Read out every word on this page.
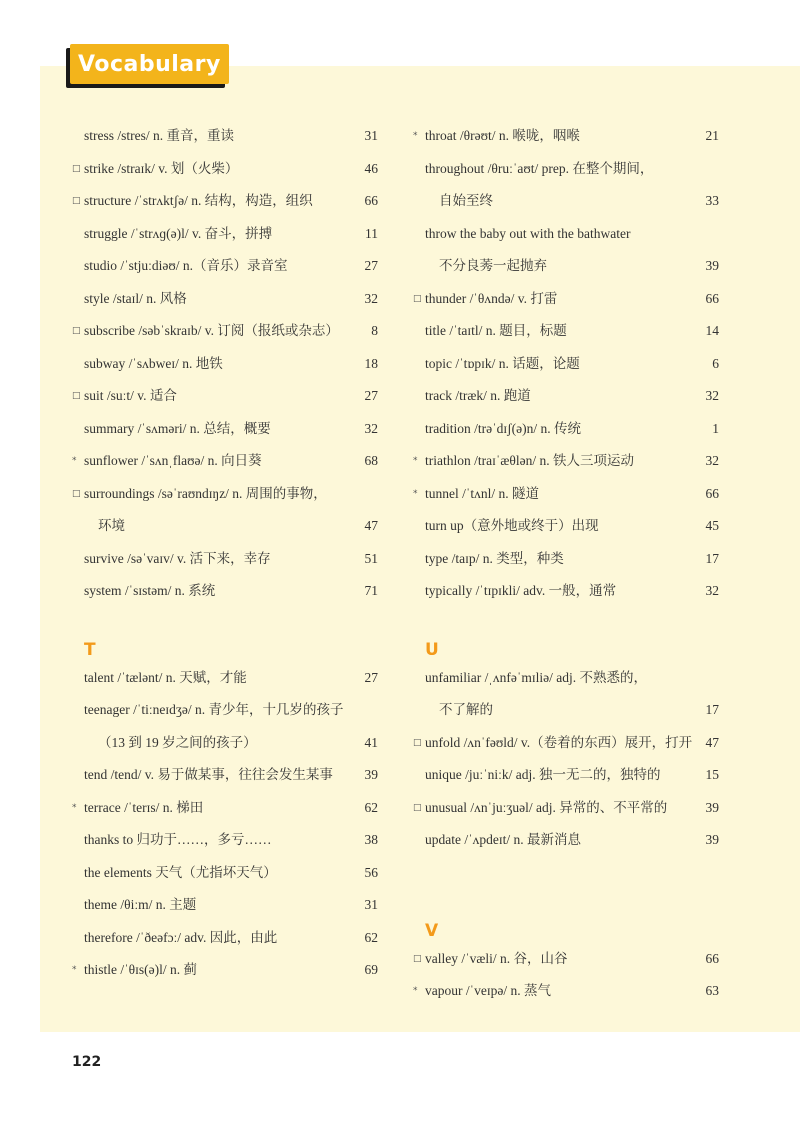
Vocabulary
stress /stres/ n. 重音，重读	31
□ strike /straɪk/ v. 划（火柴）	46
□ structure /ˈstrʌktʃə/ n. 结构，构造，组织	66
struggle /ˈstrʌɡ(ə)l/ v. 奋斗，拼搏	11
studio /ˈstjuːdiəʊ/ n.（音乐）录音室	27
style /staɪl/ n. 风格	32
□ subscribe /səbˈskraɪb/ v. 订阅（报纸或杂志） 8
subway /ˈsʌbweɪ/ n. 地铁	18
□ suit /suːt/ v. 适合	27
summary /ˈsʌməri/ n. 总结，概要	32
* sunflower /ˈsʌnˌflaʊə/ n. 向日葵	68
□ surroundings /səˈraʊndɪŋz/ n. 周围的事物，
环境	47
survive /səˈvaɪv/ v. 活下来，幸存	51
system /ˈsɪstəm/ n. 系统	71
T
talent /ˈtælənt/ n. 天赋，才能	27
teenager /ˈtiːneɪdʒə/ n. 青少年，十几岁的孩子
（13 到 19 岁之间的孩子）	41
tend /tend/ v. 易于做某事，往往会发生某事 39
* terrace /ˈterɪs/ n. 梯田	62
thanks to 归功于……，多亏……	38
the elements 天气（尤指坏天气）	56
theme /θiːm/ n. 主题	31
therefore /ˈðeəfɔː/ adv. 因此，由此	62
* thistle /ˈθɪs(ə)l/ n. 蓟	69
* throat /θrəʊt/ n. 喉咙，咽喉	21
throughout /θruːˈaʊt/ prep. 在整个期间，
自始至终	33
throw the baby out with the bathwater
不分良莠一起抛弃	39
□ thunder /ˈθʌndə/ v. 打雷	66
title /ˈtaɪtl/ n. 题目，标题	14
topic /ˈtɒpɪk/ n. 话题，论题	6
track /træk/ n. 跑道	32
tradition /trəˈdɪʃ(ə)n/ n. 传统	1
* triathlon /traɪˈæθlən/ n. 铁人三项运动	32
* tunnel /ˈtʌnl/ n. 隧道	66
turn up（意外地或终于）出现	45
type /taɪp/ n. 类型，种类	17
typically /ˈtɪpɪkli/ adv. 一般，通常	32
U
unfamiliar /ˌʌnfəˈmɪliə/ adj. 不熟悉的，
不了解的	17
□ unfold /ʌnˈfəʊld/ v.（卷着的东西）展开，打开 47
unique /juːˈniːk/ adj. 独一无二的，独特的	15
□ unusual /ʌnˈjuːʒuəl/ adj. 异常的、不平常的	39
update /ˈʌpdeɪt/ n. 最新消息	39
V
□ valley /ˈvæli/ n. 谷，山谷	66
* vapour /ˈveɪpə/ n. 蒸气	63
122
